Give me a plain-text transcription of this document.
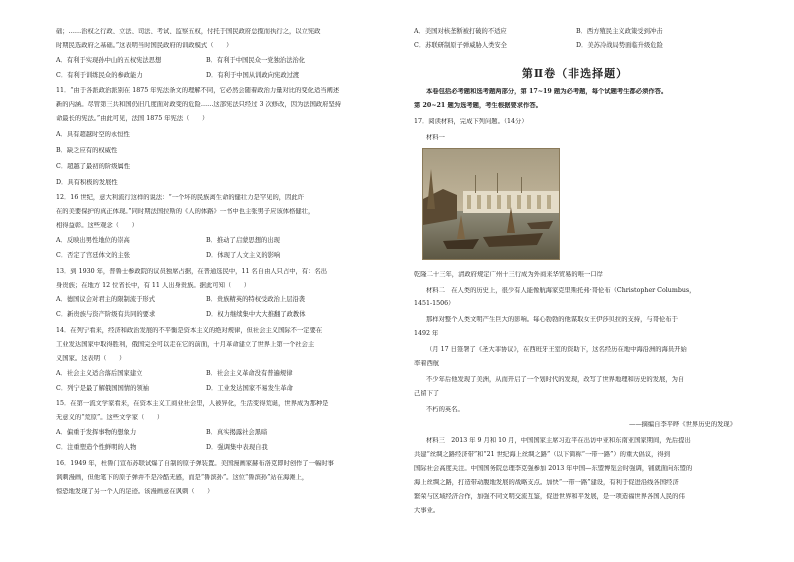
础；……治权之行政、立法、司法、考试、监察五权，付托于国民政府总揽而执行之，以立宪政

时期民选政府之基础。”这表明当时国民政府的训政模式（　　）

A．有利于实现孙中山的五权宪法思想	B．有利于中国民众一党独治法治化
C．有利于训练民众的参政能力	D．有利于中国从训政向宪政过渡

11．“由于各派政治派别在 1875 年宪法条文的理解不同，它必然会随着政治力量对比的变化适当阐述

新的内涵。尽管第三共和国仍旧几度面对政变的危险……这部宪法只经过 3 次修改，因为法国政府坚持

命最长的宪法。”由此可见，法国 1875 年宪法（　　）

A．具有超越时空的永恒性

B．缺乏应有的权威性

C．超越了最初的阶级属性

D．具有积极的发展性

12．16 世纪，意大利流行这样的说法：“一个坏的民族离生命的健壮力是罕见的，因此许

在的美要保护的真正体现。”同时期法国拉斯的《人的体路》一书中也主张男子应该体格健壮，

相得益彰。这些观念（　　）

A．反映出男性地位的崇高	B．推动了启蒙思想的出现
C．否定了宫廷体文的主张	D．体现了人文主义的影响

13．到 1930 年，普鲁士参政院的议员独席占据，在普通选民中，11 名自由人只占中，有：名出

身贵族；在地方 12 位省长中，有 11 人出身贵族。据此可知（　　）

A．德国议会对君主的限制流于形式	B．贵族精英的特权受政治上层沿袭
C．新贵族与资产阶级有共同的要求	D．权力继续集中大大推翻了政教体

14．在列宁看来，经济和政治发展的不平衡是资本主义的绝对规律，但社会主义国际不一定要在

工业发达国家中取得胜利，俄国完全可以走在它的前面，十月革命建立了世界上第一个社会主

义国家。这表明（　　）

A．社会主义适合落后国家建立	B．社会主义革命没有普遍规律
C．列宁是最了解俄国国情的领袖	D．工业发达国家不易发生革命

15．在第一流文学家看来，在资本主义工商业社会里，人被异化，生活变得荒诞，世界成为那种是

无意义的“荒原”。这些文学家（　　）

A．偏重于发挥事物的想象力	B．真实揭露社会黑暗
C．注重塑造个性鲜明的人物	D．强调集中表现自我

16．1949 年，杜鲁门宣布苏联试爆了自制的原子弹装置。美国漫画家赫布洛克即时创作了一幅时事

讽刺漫画，但他笔下的原子弹并不是冷酷无感，而是“鲁滨孙”。这位“鲁滨孙”站在海滩上，

惊恐地发现了另一个人的足迹。该漫画意在讽刺（　　）

A．美国对核垄断被打破的不适应	B．西方殖民主义政策受到冲击
C．苏联研制原子弹威胁人类安全	D．美苏冷战局势面临升级危险
第Ⅱ卷（非选择题）

本卷包括必考题和选考题两部分，第 17~19 题为必考题，每个试题考生都必须作答。

第 20~21 题为选考题，考生根据要求作答。

17．阅读材料，完成下列问题。（14分）

材料一

乾隆二十三年，清政府规定广州十三行成为外商来华贸易的唯一口岸

材料二　在人类的历史上，很少有人能像航海家克里斯托弗·哥伦布（Christopher Columbus，

1451-1506）

那样对整个人类文明产生巨大的影响。每心勃勃的他谋取女王伊莎贝拉的支持，与哥伦布于

1492 年

（月 17 日签署了《圣大菲协议》，在西班牙王室的资助下，这名经历在地中海沿洲的海员开始

率着西航

不少年后他发现了美洲，从而开启了一个划时代的发现，改写了世界地理和历史的发展，为自

己留下了

不朽的英名。

——摘编自李平晔《世界历史的发现》

材料三　2013 年 9 月和 10 月，中国国家主席习近平在出访中亚和东南亚国家期间，先后提出

共建“丝绸之路经济带”和“21 世纪海上丝绸之路”（以下简称“一带一路”）的重大倡议，得到

国际社会高度关注。中国国务院总理李克强参加 2013 年中国—东盟博览会时强调，铺就面向东盟的

海上丝绸之路，打造带动腹地发展的战略支点。加快“一带一路”建设，有利于促进沿线各国经济

繁荣与区域经济合作，加强不同文明交流互鉴，促进世界和平发展，是一项造福世界各国人民的伟

大事业。
